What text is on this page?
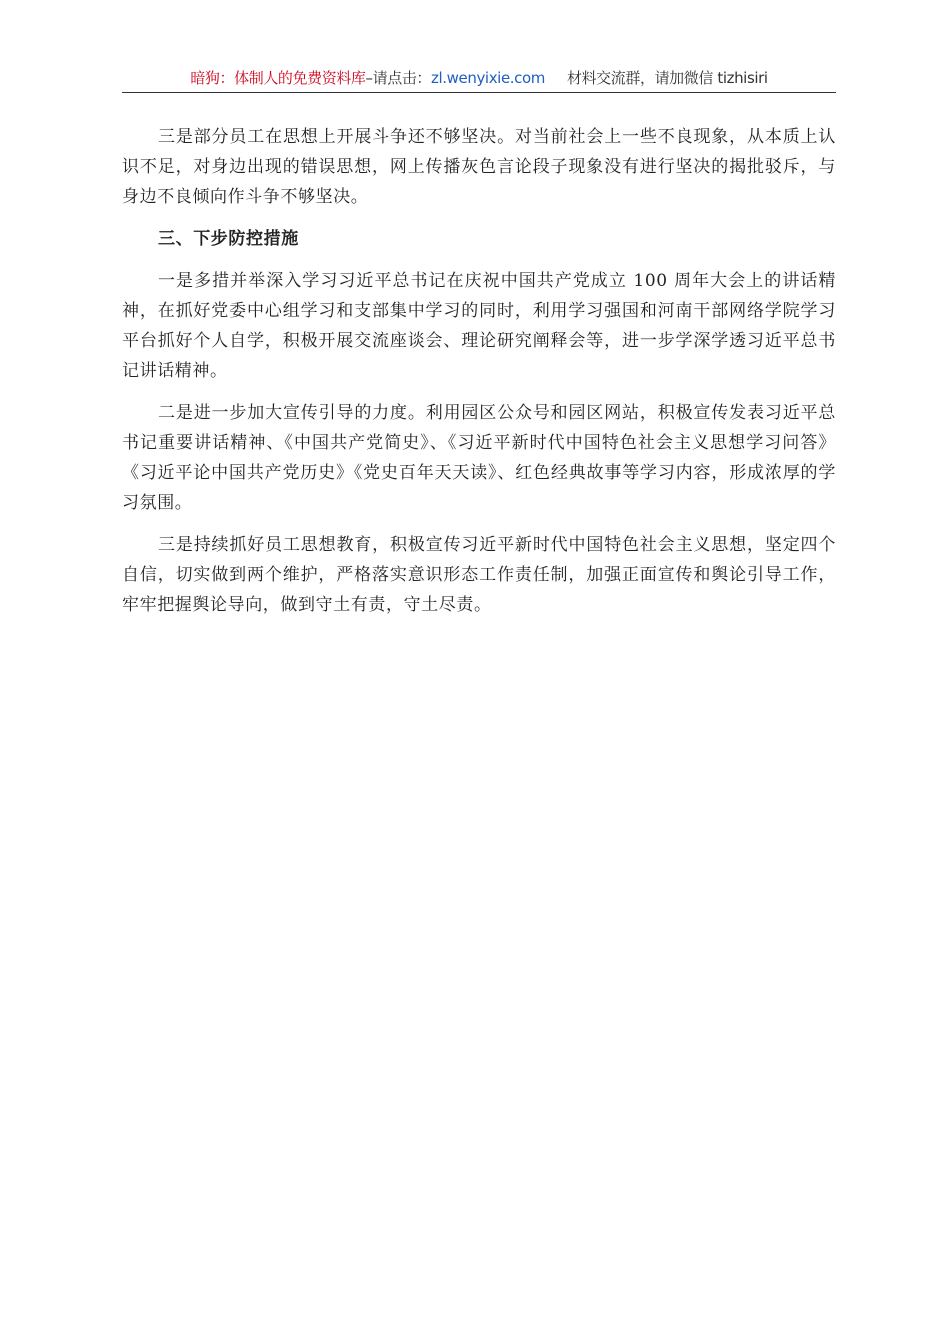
暗狗：体制人的免费资料库–请点击：zl.wenyixie.com 材料交流群，请加微信 tizhisiri

三是部分员工在思想上开展斗争还不够坚决。对当前社会上一些不良现象，从本质上认识不足，对身边出现的错误思想，网上传播灰色言论段子现象没有进行坚决的揭批驳斥，与身边不良倾向作斗争不够坚决。

三、下步防控措施

一是多措并举深入学习习近平总书记在庆祝中国共产党成立 100 周年大会上的讲话精神，在抓好党委中心组学习和支部集中学习的同时，利用学习强国和河南干部网络学院学习平台抓好个人自学，积极开展交流座谈会、理论研究阐释会等，进一步学深学透习近平总书记讲话精神。

二是进一步加大宣传引导的力度。利用园区公众号和园区网站，积极宣传发表习近平总书记重要讲话精神、《中国共产党简史》、《习近平新时代中国特色社会主义思想学习问答》《习近平论中国共产党历史》《党史百年天天读》、红色经典故事等学习内容，形成浓厚的学习氛围。

三是持续抓好员工思想教育，积极宣传习近平新时代中国特色社会主义思想，坚定四个自信，切实做到两个维护，严格落实意识形态工作责任制，加强正面宣传和舆论引导工作，牢牢把握舆论导向，做到守土有责，守土尽责。
